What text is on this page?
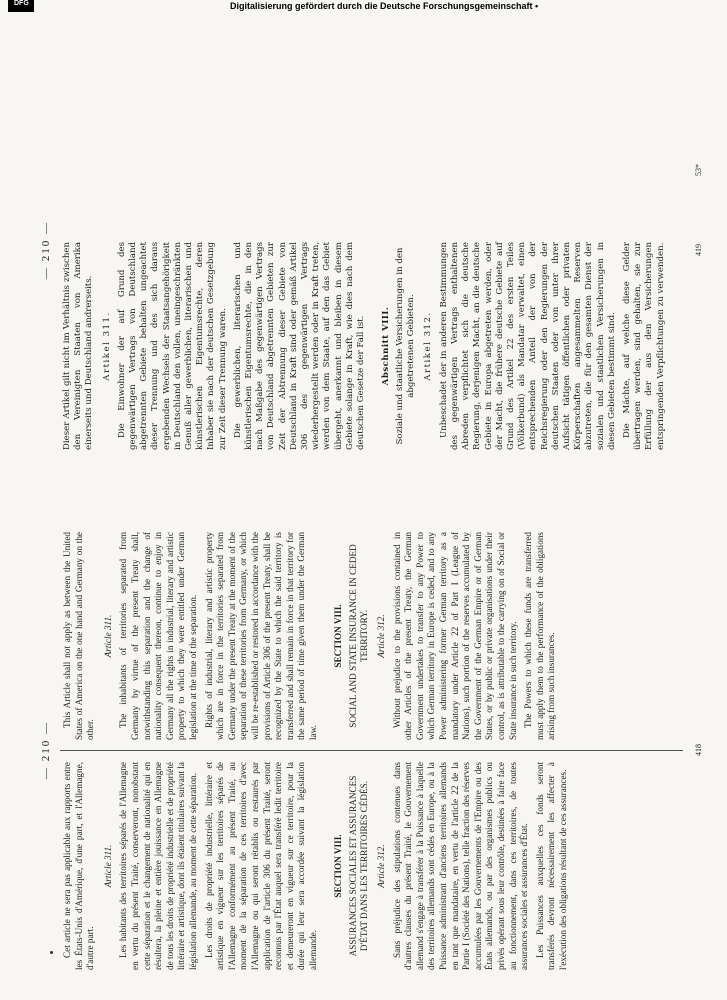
— 210 —

Cet article ne sera pas applicable aux rapports entre les États-Unis d'Amérique, d'une part, et l'Allemagne, d'autre part.

Article 311. Les habitants des territoires séparés de l'Allemagne en vertu du présent Traité, conserveront, nonobstant cette séparation et le changement de nationalité qui en résultera, la pleine et entière jouissance en Allemagne de tous les droits de propriété industrielle et de propriété littéraire et artistique, dont ils étaient titulaires suivant la législation allemande, au moment de cette séparation. Les droits de propriété industrielle, littéraire et artistique en vigueur sur les territoires séparés de l'Allemagne conformément au présent Traité, au moment de la séparation de ces territoires d'avec l'Allemagne ou qui seront rétablis ou restaurés par application de l'article 306 du présent Traité, seront reconnus par l'État auquel sera transféré ledit territoire et demeureront en vigueur sur ce territoire, pour la durée qui leur sera accordée suivant la législation allemande.

SECTION VIII. ASSURANCES SOCIALES ET ASSURANCES D'ÉTAT DANS LES TERRITOIRES CÉDÉS. Article 312. Sans préjudice des stipulations contenues dans d'autres clauses du présent Traité, le Gouvernement allemand s'engage à transférer à la Puissance à laquelle des territoires allemands sont cédés en Europe, ou à la Puissance administrant d'anciens territoires allemands en tant que mandataire, en vertu de l'article 22 de la Partie I (Société des Nations), telle fraction des réserves accumulées par les Gouvernements de l'Empire ou des États allemands, ou par des organismes publics ou privés opérant sous leur contrôle, destinées à faire face au fonctionnement, dans ces territoires, de toutes assurances sociales et assurances d'État. Les Puissances auxquelles ces fonds seront transférés devront nécessairement les affecter à l'exécution des obligations résultant de ces assurances.

This Article shall not apply as between the United States of America on the one hand and Germany on the other.

Article 311. The inhabitants of territories separated from Germany by virtue of the present Treaty shall, notwithstanding this separation and the change of nationality consequent thereon, continue to enjoy in Germany all the rights in industrial, literary and artistic property to which they were entitled under German legislation at the time of the separation. Rights of industrial, literary and artistic property which are in force in the territories separated from Germany under the present Treaty at the moment of the separation of these territories from Germany, or which will be re-established or restored in accordance with the provisions of Article 306 of the present Treaty, shall be recognized by the State to which the said territory is transferred and shall remain in force in that territory for the same period of time given them under the German law.

SECTION VIII. SOCIAL AND STATE INSURANCE IN CEDED TERRITORY. Article 312. Without prejudice to the provisions contained in other Articles of the present Treaty, the German Government undertakes to transfer to any Power to which German territory in Europe is ceded, and to any Power administering former German territory as a mandatory under Article 22 of Part I (League of Nations), such portion of the reserves accumulated by the Government of the German Empire or of German States, or by public or private organisations under their control, as is attributable to the carrying on of Social or State insurance in such territory. The Powers to which these funds are transferred must apply them to the performance of the obligations arising from such insurances.

418
— 210 — Dieser Artikel gilt nicht im Verhältnis zwischen den Vereinigten Staaten von Amerika einerseits und Deutschland andrerseits. Artikel 311. Die Einwohner der auf Grund des gegenwärtigen Vertrags von Deutschland abgetrennten Gebiete behalten ungeachtet dieser Trennung und des sich daraus ergebenden Wechsels der Staatsangehörigkeit in Deutschland den vollen, uneingeschränkten Genuß aller gewerblichen, literarischen und künstlerischen Eigentumsrechte, deren Inhaber sie nach der deutschen Gesetzgebung zur Zeit dieser Trennung waren. Die gewerblichen, literarischen und künstlerischen Eigentumsrechte, die in den nach Maßgabe des gegenwärtigen Vertrags von Deutschland abgetrennten Gebieten zur Zeit der Abtrennung dieser Gebiete von Deutschland in Kraft sind oder gemäß Artikel 306 des gegenwärtigen Vertrags wiederhergestellt werden oder in Kraft treten, werden von dem Staate, auf den das Gebiet übergeht, anerkannt und bleiben in diesem Gebiete solange in Kraft, wie dies nach dem deutschen Gesetze der Fall ist. Abschnitt VIII. Soziale und staatliche Versicherungen in den abgetretenen Gebieten. Artikel 312. Unbeschadet der in anderen Bestimmungen des gegenwärtigen Vertrags enthaltenen Abreden verpflichtet sich die deutsche Regierung, derjenigen Macht, an die deutsche Gebiete in Europa abgetreten werden, oder der Macht, die frühere deutsche Gebiete auf Grund des Artikel 22 des ersten Teiles (Völkerbund) als Mandatar verwaltet, einen entsprechenden Anteil der von der Reichsregierung oder den Regierungen der deutschen Staaten oder von unter ihrer Aufsicht tätigen öffentlichen oder privaten Körperschaften angesammelten Reserven abzutreten, die für den gesamten Dienst der sozialen und staatlichen Versicherungen in diesen Gebieten bestimmt sind. Die Mächte, auf welche diese Gelder übertragen werden, sind gehalten, sie zur Erfüllung der aus den Versicherungen entspringenden Verpflichtungen zu verwenden.	419
53*
DFG	Digitalisierung gefördert durch die Deutsche Forschungsgemeinschaft •
